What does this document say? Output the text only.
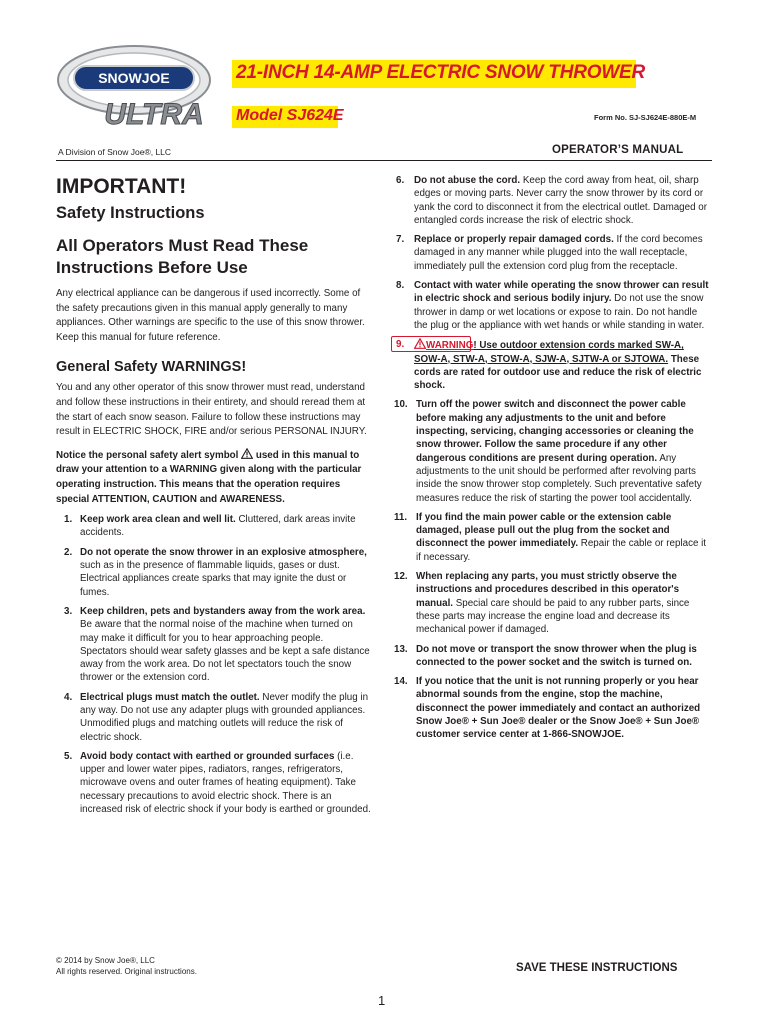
SNOWJOE
ULTRA
21-INCH 14-AMP ELECTRIC SNOW THROWER
Model SJ624E	Form No. SJ-SJ624E-880E-M
A Division of Snow Joe®, LLC	OPERATOR’S MANUAL
IMPORTANT!
Safety Instructions
All Operators Must Read These Instructions Before Use

Any electrical appliance can be dangerous if used incorrectly. Some of the safety precautions given in this manual apply generally to many appliances. Other warnings are specific to the use of this snow thrower. Keep this manual for future reference.

General Safety WARNINGS!

You and any other operator of this snow thrower must read, understand and follow these instructions in their entirety, and should reread them at the start of each snow season. Failure to follow these instructions may result in ELECTRIC SHOCK, FIRE and/or serious PERSONAL INJURY.

Notice the personal safety alert symbol used in this manual to draw your attention to a WARNING given along with the particular operating instruction. This means that the operation requires special ATTENTION, CAUTION and AWARENESS.

1. Keep work area clean and well lit. Cluttered, dark areas invite accidents.
2. Do not operate the snow thrower in an explosive atmosphere, such as in the presence of flammable liquids, gases or dust. Electrical appliances create sparks that may ignite the dust or fumes.
3. Keep children, pets and bystanders away from the work area. Be aware that the normal noise of the machine when turned on may make it difficult for you to hear approaching people. Spectators should wear safety glasses and be kept a safe distance away from the work area. Do not let spectators touch the snow thrower or the extension cord.
4. Electrical plugs must match the outlet. Never modify the plug in any way. Do not use any adapter plugs with grounded appliances. Unmodified plugs and matching outlets will reduce the risk of electric shock.
5. Avoid body contact with earthed or grounded surfaces (i.e. upper and lower water pipes, radiators, ranges, refrigerators, microwave ovens and outer frames of heating equipment). Take necessary precautions to avoid electric shock. There is an increased risk of electric shock if your body is earthed or grounded.
6. Do not abuse the cord. Keep the cord away from heat, oil, sharp edges or moving parts. Never carry the snow thrower by its cord or yank the cord to disconnect it from the electrical outlet. Damaged or entangled cords increase the risk of electric shock.
7. Replace or properly repair damaged cords. If the cord becomes damaged in any manner while plugged into the wall receptacle, immediately pull the extension cord plug from the receptacle.
8. Contact with water while operating the snow thrower can result in electric shock and serious bodily injury. Do not use the snow thrower in damp or wet locations or expose to rain. Do not handle the plug or the appliance with wet hands or while standing in water.
9. WARNING! Use outdoor extension cords marked SW-A, SOW-A, STW-A, STOW-A, SJW-A, SJTW-A or SJTOWA. These cords are rated for outdoor use and reduce the risk of electric shock.
10. Turn off the power switch and disconnect the power cable before making any adjustments to the unit and before inspecting, servicing, changing accessories or cleaning the snow thrower. Follow the same procedure if any other dangerous conditions are present during operation. Any adjustments to the unit should be performed after revolving parts inside the snow thrower stop completely. Such preventative safety measures reduce the risk of starting the power tool accidentally.
11. If you find the main power cable or the extension cable damaged, please pull out the plug from the socket and disconnect the power immediately. Repair the cable or replace it if necessary.
12. When replacing any parts, you must strictly observe the instructions and procedures described in this operator's manual. Special care should be paid to any rubber parts, since these parts may increase the engine load and decrease its mechanical power if damaged.
13. Do not move or transport the snow thrower when the plug is connected to the power socket and the switch is turned on.
14. If you notice that the unit is not running properly or you hear abnormal sounds from the engine, stop the machine, disconnect the power immediately and contact an authorized Snow Joe® + Sun Joe® dealer or the Snow Joe® + Sun Joe® customer service center at 1-866-SNOWJOE.
© 2014 by Snow Joe®, LLC
All rights reserved. Original instructions.	SAVE THESE INSTRUCTIONS
1
